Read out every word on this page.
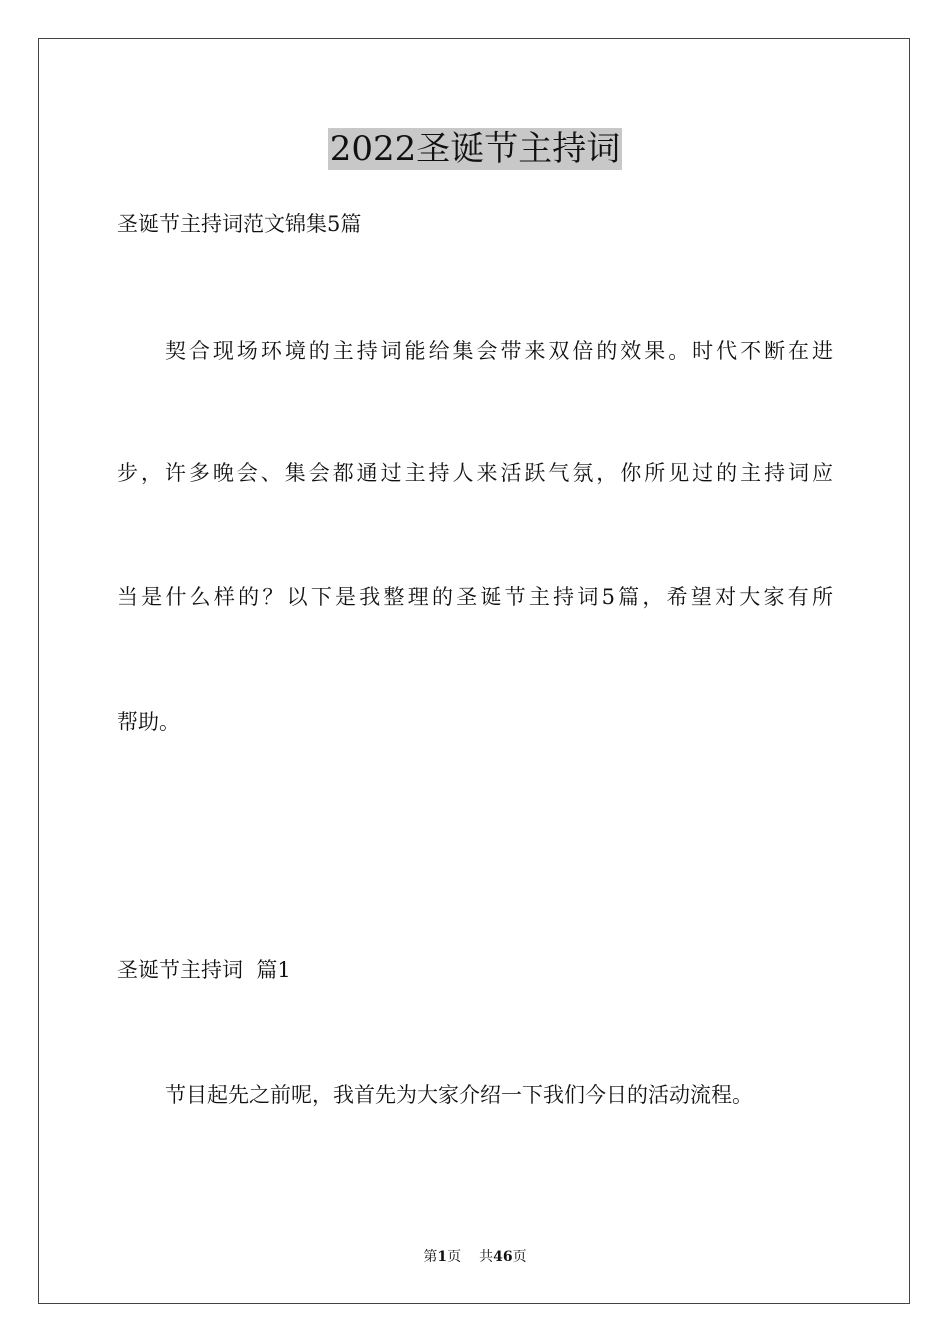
2022圣诞节主持词
圣诞节主持词范文锦集5篇
契合现场环境的主持词能给集会带来双倍的效果。时代不断在进
步，许多晚会、集会都通过主持人来活跃气氛，你所见过的主持词应
当是什么样的？以下是我整理的圣诞节主持词5篇，希望对大家有所
帮助。
圣诞节主持词  篇1
节目起先之前呢，我首先为大家介绍一下我们今日的活动流程。
第1页 共46页
